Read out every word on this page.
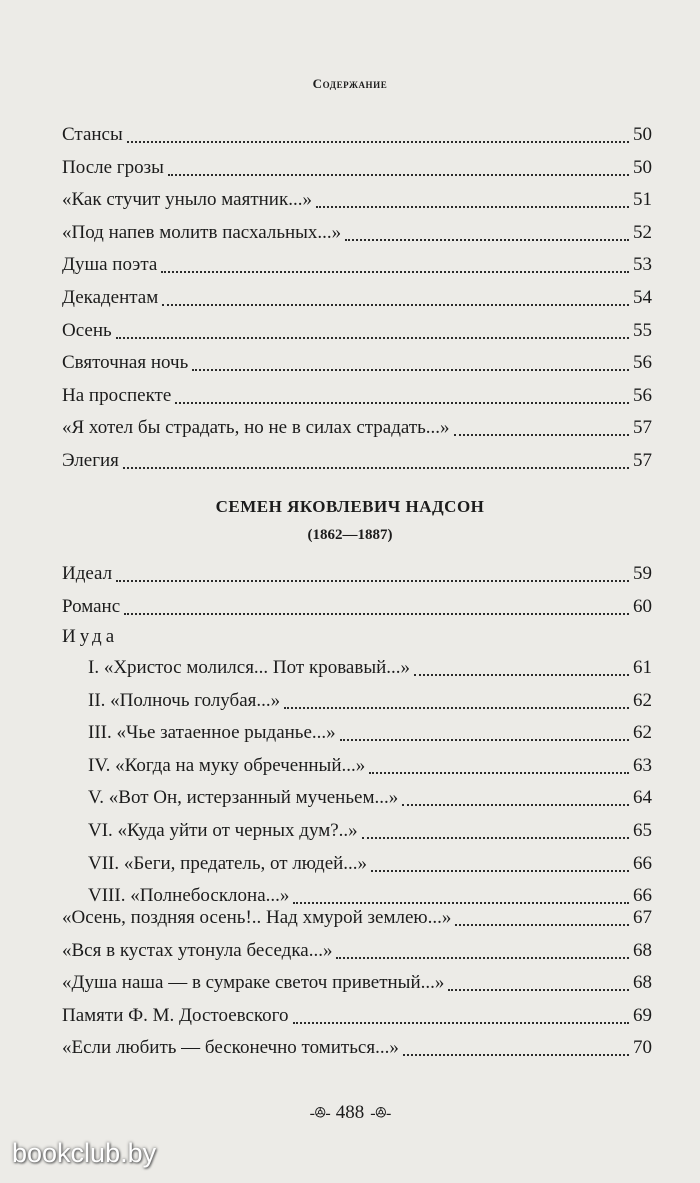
Содержание
Стансы	50
После грозы	50
«Как стучит уныло маятник...»	51
«Под напев молитв пасхальных...»	52
Душа поэта	53
Декадентам	54
Осень	55
Святочная ночь	56
На проспекте	56
«Я хотел бы страдать, но не в силах страдать...»	57
Элегия	57
Идеал	59
Романс	60
I. «Христос молился... Пот кровавый...»	61
II. «Полночь голубая...»	62
III. «Чье затаенное рыданье...»	62
IV. «Когда на муку обреченный...»	63
V. «Вот Он, истерзанный мученьем...»	64
VI. «Куда уйти от черных дум?..»	65
VII. «Беги, предатель, от людей...»	66
VIII. «Полнебосклона...»	66
«Осень, поздняя осень!.. Над хмурой землею...»	67
«Вся в кустах утонула беседка...»	68
«Душа наша — в сумраке светоч приветный...»	68
Памяти Ф. М. Достоевского	69
«Если любить — бесконечно томиться...»	70
СЕМЕН ЯКОВЛЕВИЧ НАДСОН
(1862—1887)
Иуда
-ꔮ- 488 -ꔮ-
bookclub.by
